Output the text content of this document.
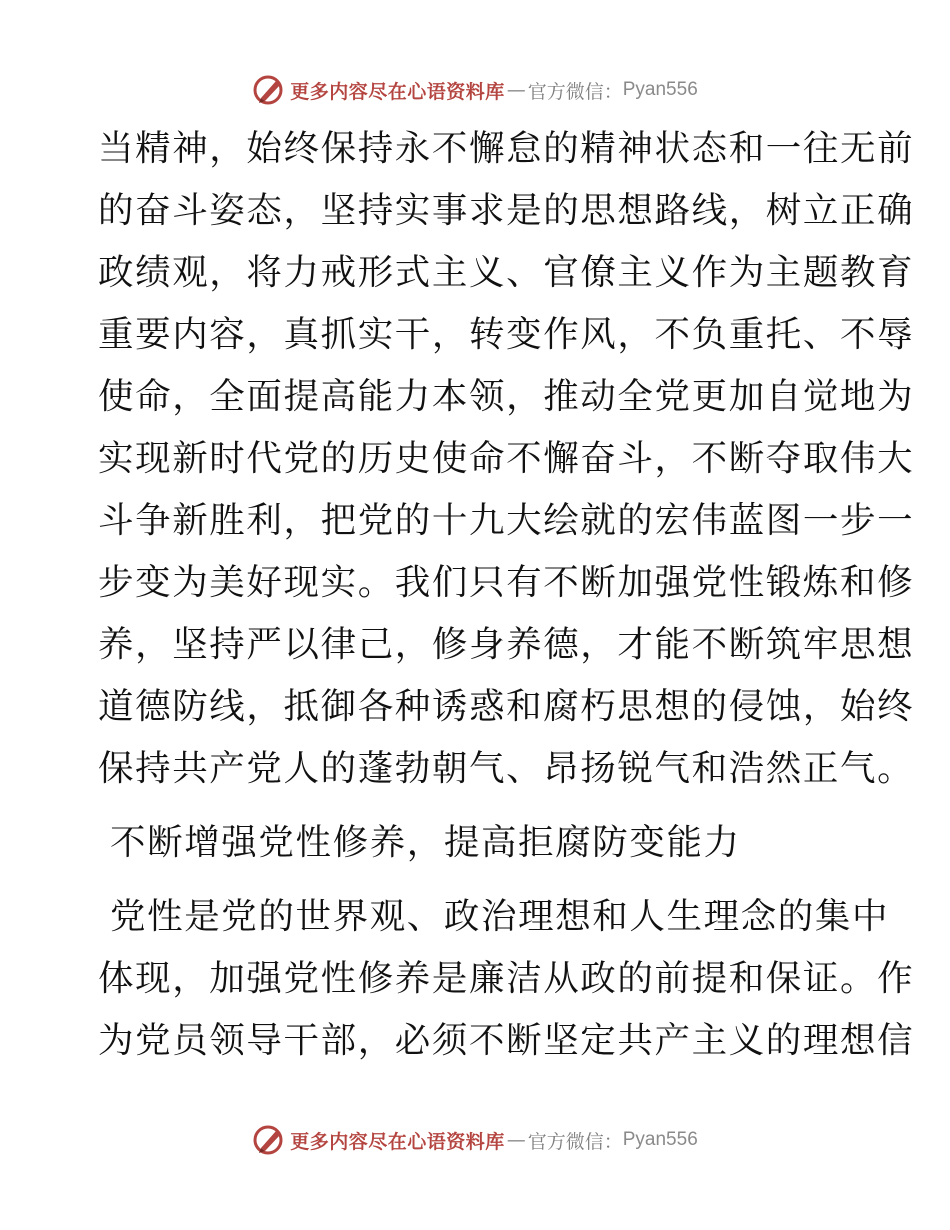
更多内容尽在心语资料库 — 官方微信： Pyan556

当精神，始终保持永不懈怠的精神状态和一往无前
的奋斗姿态，坚持实事求是的思想路线，树立正确
政绩观，将力戒形式主义、官僚主义作为主题教育
重要内容，真抓实干，转变作风，不负重托、不辱
使命，全面提高能力本领，推动全党更加自觉地为
实现新时代党的历史使命不懈奋斗，不断夺取伟大
斗争新胜利，把党的十九大绘就的宏伟蓝图一步一
步变为美好现实。我们只有不断加强党性锻炼和修
养，坚持严以律己，修身养德，才能不断筑牢思想
道德防线，抵御各种诱惑和腐朽思想的侵蚀，始终
保持共产党人的蓬勃朝气、昂扬锐气和浩然正气。

不断增强党性修养，提高拒腐防变能力

党性是党的世界观、政治理想和人生理念的集中
体现，加强党性修养是廉洁从政的前提和保证。作
为党员领导干部，必须不断坚定共产主义的理想信

更多内容尽在心语资料库 — 官方微信： Pyan556
